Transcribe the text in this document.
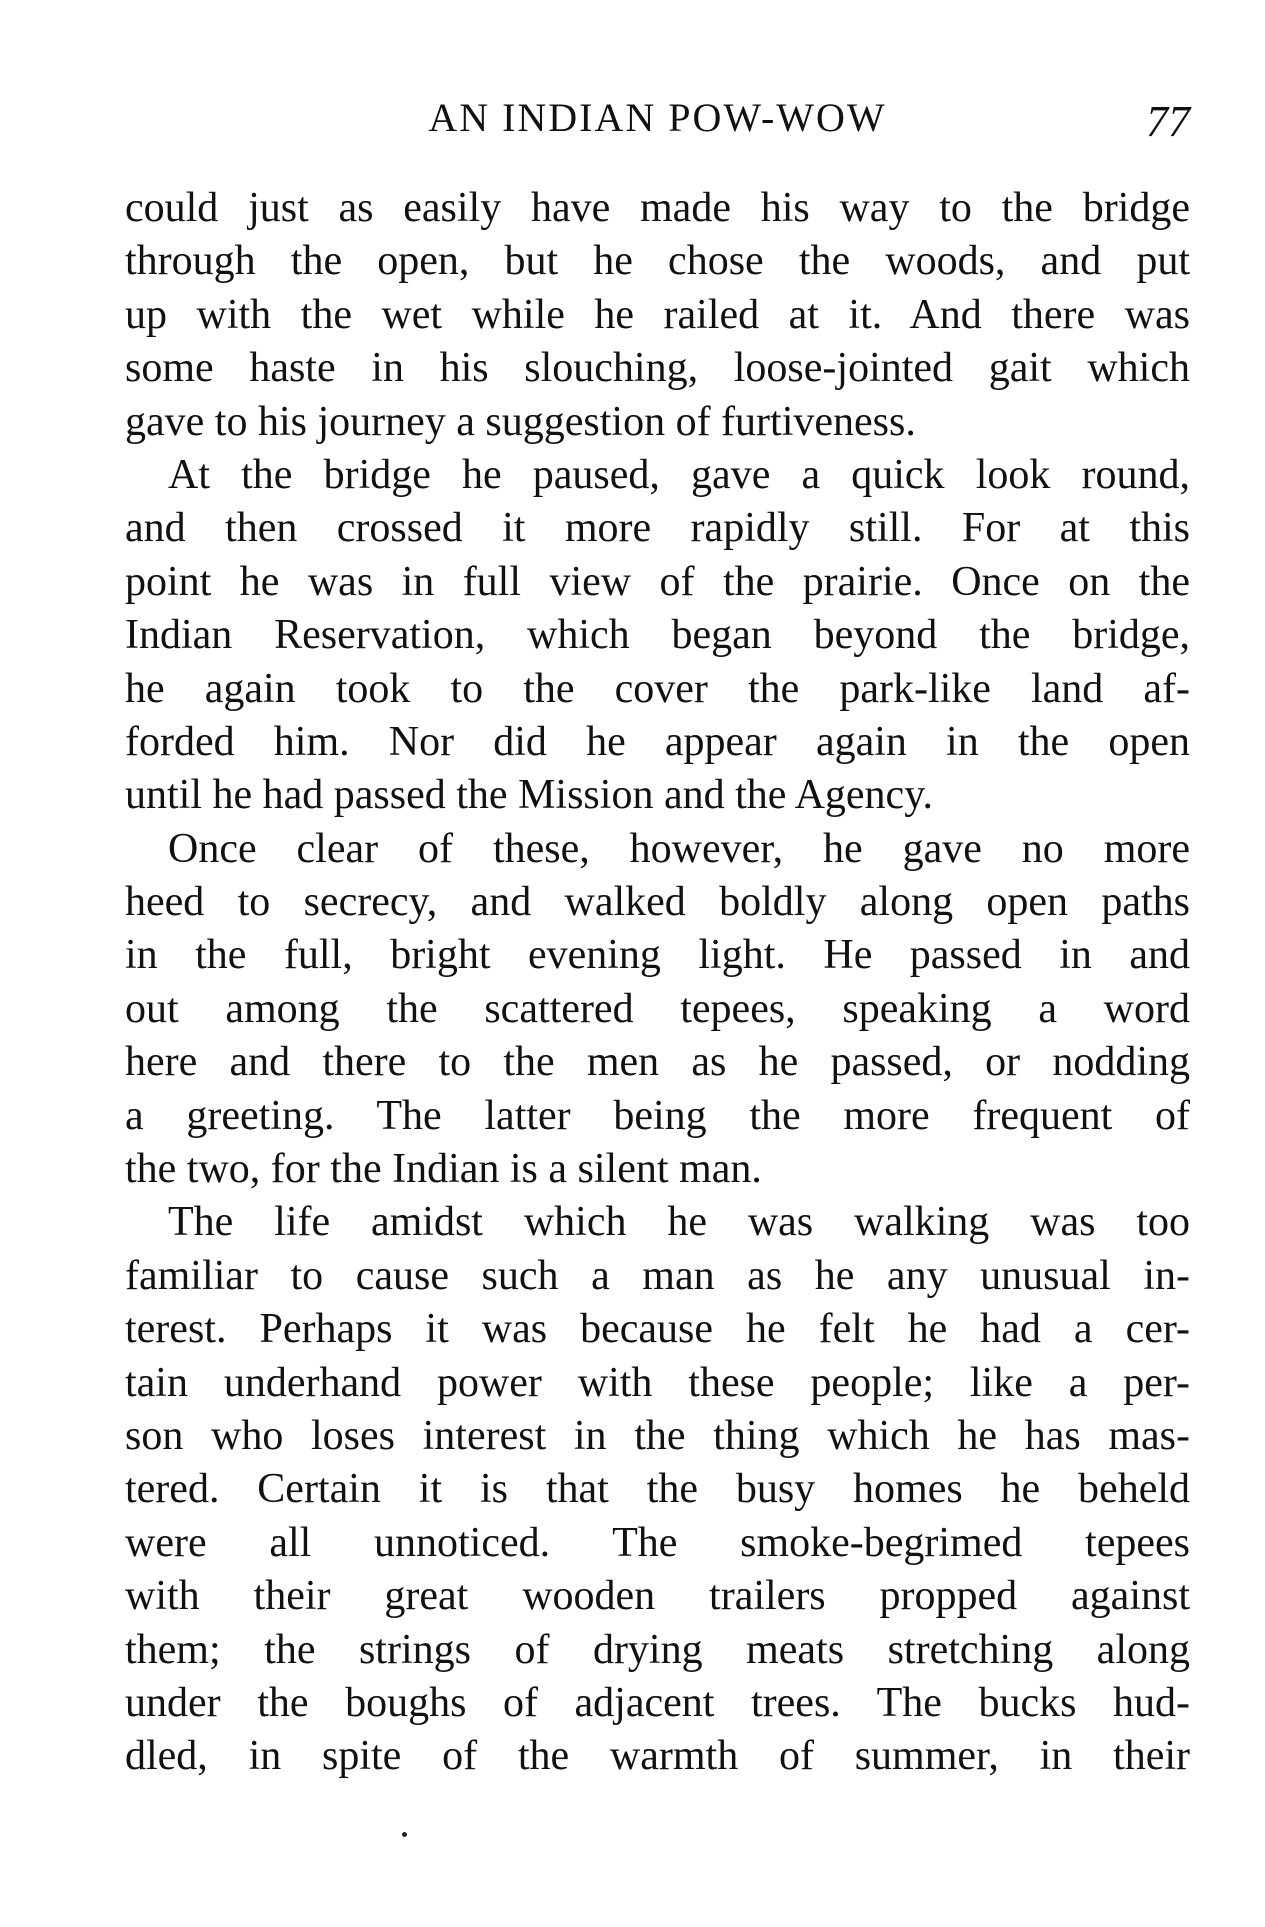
AN INDIAN POW-WOW	77
could just as easily have made his way to the bridge
through the open, but he chose the woods, and put
up with the wet while he railed at it. And there was
some haste in his slouching, loose-jointed gait which
gave to his journey a suggestion of furtiveness.
At the bridge he paused, gave a quick look round,
and then crossed it more rapidly still. For at this
point he was in full view of the prairie. Once on the
Indian Reservation, which began beyond the bridge,
he again took to the cover the park-like land af-
forded him. Nor did he appear again in the open
until he had passed the Mission and the Agency.
Once clear of these, however, he gave no more
heed to secrecy, and walked boldly along open paths
in the full, bright evening light. He passed in and
out among the scattered tepees, speaking a word
here and there to the men as he passed, or nodding
a greeting. The latter being the more frequent of
the two, for the Indian is a silent man.
The life amidst which he was walking was too
familiar to cause such a man as he any unusual in-
terest. Perhaps it was because he felt he had a cer-
tain underhand power with these people; like a per-
son who loses interest in the thing which he has mas-
tered. Certain it is that the busy homes he beheld
were all unnoticed. The smoke-begrimed tepees
with their great wooden trailers propped against
them; the strings of drying meats stretching along
under the boughs of adjacent trees. The bucks hud-
dled, in spite of the warmth of summer, in their
